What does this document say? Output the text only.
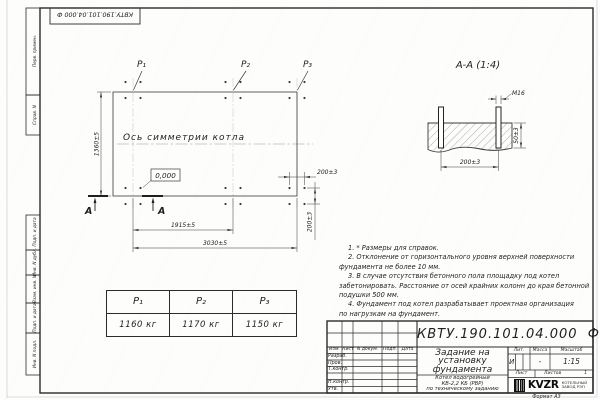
КВТУ.190.101.04.000 Ф
Перв. примен.
Справ. N
Подп. и дата
Инв. N дубл.
Взам. инв. N
Подп. и дата
Инв. N подл.
P₁	P₂	P₃
Ось симметрии котла
0,000
1360±5
1915±5
3030±5
200±3
200±3
А	А
А-А (1:4)
M16
200±3
50±3
1. * Размеры для справок.
2. Отклонение от горизонтального уровня верхней поверхности
фундамента не более 10 мм.
3. В случае отсутствия бетонного пола площадку под котел
забетонировать. Расстояние от осей крайних колонн до края бетонной
подушки 500 мм.
4. Фундамент под котел разрабатывает проектная организация
по нагрузкам на фундамент.
P₁	P₂	P₃
1160 кг	1170 кг	1150 кг
КВТУ.190.101.04.000  Ф
Изм. Лист N докум.	Подп. Дата
Разраб.
Пров.
Т.контр.
Н.контр.
Утв.
Задание на
установку
фундамента
Котел водогрейный
КВ-2,2 КБ (РВР)
по техническому заданию
Лит.	Масса	Масштаб
И	-	1:15
Лист	Листов	1
KVZR КОТЕЛЬНЫЙ
ЗАВОД РЭП
Формат А3
